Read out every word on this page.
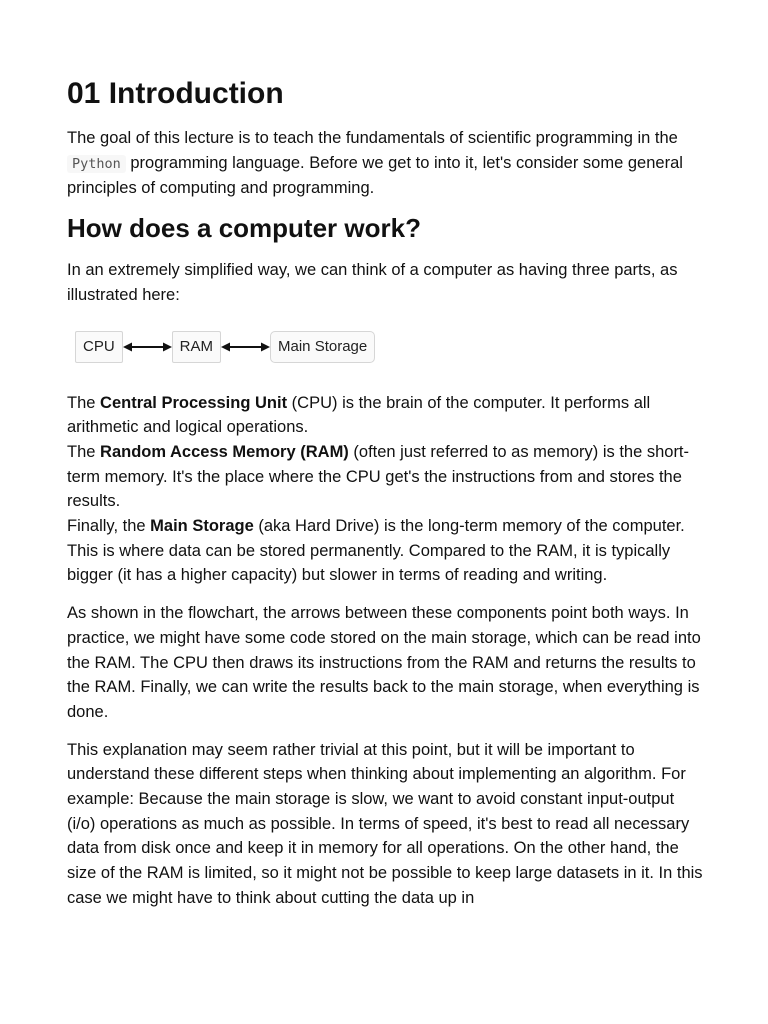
01 Introduction

The goal of this lecture is to teach the fundamentals of scientific programming in the Python programming language. Before we get to into it, let's consider some general principles of computing and programming.

How does a computer work?

In an extremely simplified way, we can think of a computer as having three parts, as illustrated here:

CPU	RAM	Main Storage

The Central Processing Unit (CPU) is the brain of the computer. It performs all arithmetic and logical operations.

The Random Access Memory (RAM) (often just referred to as memory) is the short-term memory. It's the place where the CPU get's the instructions from and stores the results.

Finally, the Main Storage (aka Hard Drive) is the long-term memory of the computer. This is where data can be stored permanently. Compared to the RAM, it is typically bigger (it has a higher capacity) but slower in terms of reading and writing.

As shown in the flowchart, the arrows between these components point both ways. In practice, we might have some code stored on the main storage, which can be read into the RAM. The CPU then draws its instructions from the RAM and returns the results to the RAM. Finally, we can write the results back to the main storage, when everything is done.

This explanation may seem rather trivial at this point, but it will be important to understand these different steps when thinking about implementing an algorithm. For example: Because the main storage is slow, we want to avoid constant input-output (i/o) operations as much as possible. In terms of speed, it's best to read all necessary data from disk once and keep it in memory for all operations. On the other hand, the size of the RAM is limited, so it might not be possible to keep large datasets in it. In this case we might have to think about cutting the data up in
